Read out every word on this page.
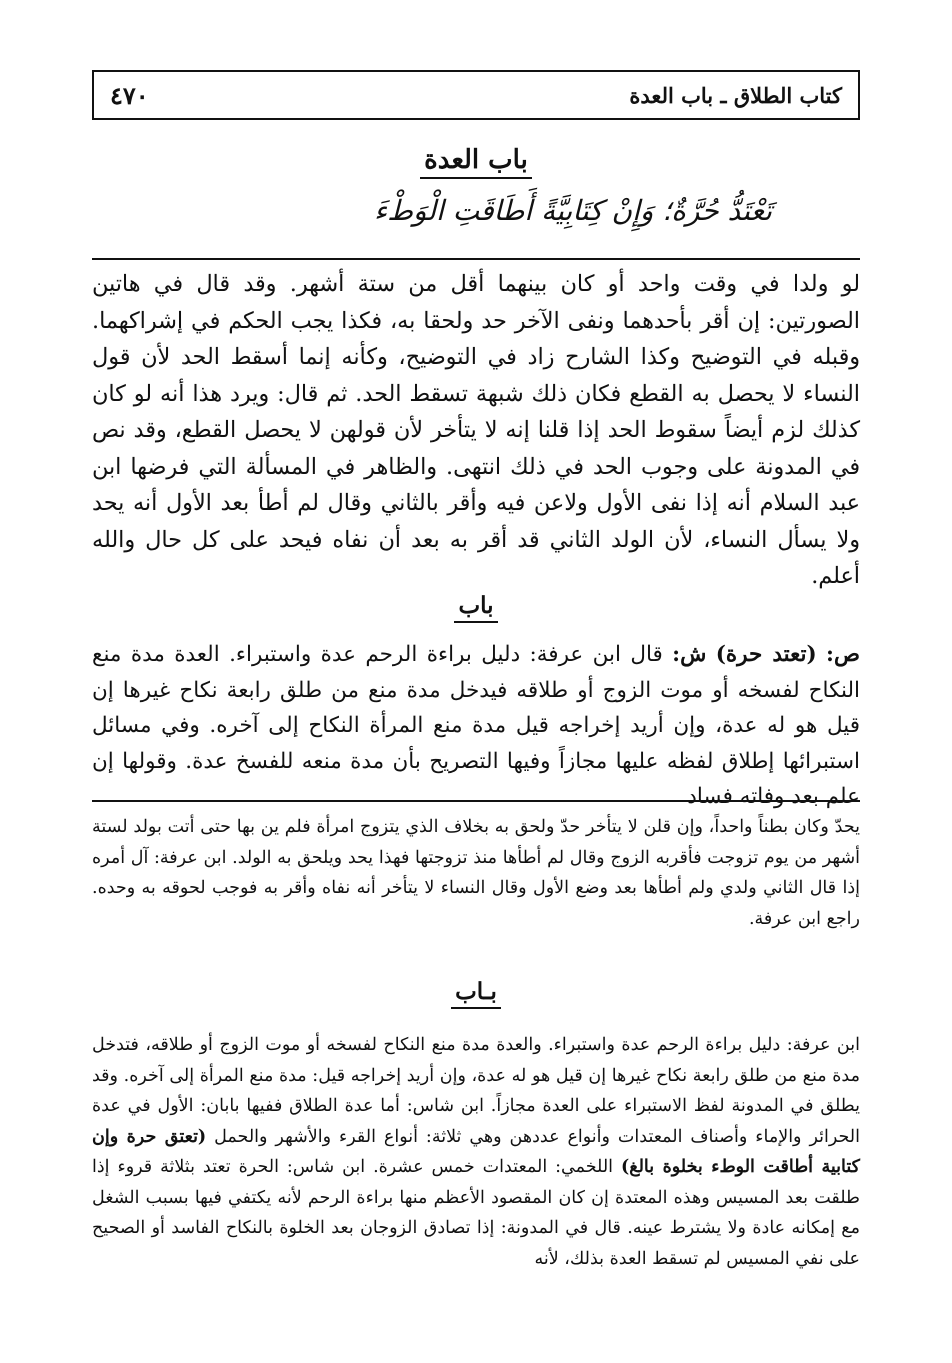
كتاب الطلاق ـ باب العدة
٤٧٠
باب العدة
تَعْتَدُّ حُرَّةٌ؛ وَإِنْ كِتَابِيَّةً أَطَاقَتِ الْوَطْءَ

لو ولدا في وقت واحد أو كان بينهما أقل من ستة أشهر. وقد قال في هاتين الصورتين: إن أقر بأحدهما ونفى الآخر حد ولحقا به، فكذا يجب الحكم في إشراكهما. وقبله في التوضيح وكذا الشارح زاد في التوضيح، وكأنه إنما أسقط الحد لأن قول النساء لا يحصل به القطع فكان ذلك شبهة تسقط الحد. ثم قال: ويرد هذا أنه لو كان كذلك لزم أيضاً سقوط الحد إذا قلنا إنه لا يتأخر لأن قولهن لا يحصل القطع، وقد نص في المدونة على وجوب الحد في ذلك انتهى. والظاهر في المسألة التي فرضها ابن عبد السلام أنه إذا نفى الأول ولاعن فيه وأقر بالثاني وقال لم أطأ بعد الأول أنه يحد ولا يسأل النساء، لأن الولد الثاني قد أقر به بعد أن نفاه فيحد على كل حال والله أعلم.

باب

ص: (تعتد حرة) ش: قال ابن عرفة: دليل براءة الرحم عدة واستبراء. العدة مدة منع النكاح لفسخه أو موت الزوج أو طلاقه فيدخل مدة منع من طلق رابعة نكاح غيرها إن قيل هو له عدة، وإن أريد إخراجه قيل مدة منع المرأة النكاح إلى آخره. وفي مسائل استبرائها إطلاق لفظه عليها مجازاً وفيها التصريح بأن مدة منعه للفسخ عدة. وقولها إن علم بعد وفاته فساد

يحدّ وكان بطناً واحداً، وإن قلن لا يتأخر حدّ ولحق به بخلاف الذي يتزوج امرأة فلم ين بها حتى أتت بولد لستة أشهر من يوم تزوجت فأقربه الزوج وقال لم أطأها منذ تزوجتها فهذا يحد ويلحق به الولد. ابن عرفة: آل أمره إذا قال الثاني ولدي ولم أطأها بعد وضع الأول وقال النساء لا يتأخر أنه نفاه وأقر به فوجب لحوقه به وحده. راجع ابن عرفة.

بـاب

ابن عرفة: دليل براءة الرحم عدة واستبراء. والعدة مدة منع النكاح لفسخه أو موت الزوج أو طلاقه، فتدخل مدة منع من طلق رابعة نكاح غيرها إن قيل هو له عدة، وإن أريد إخراجه قيل: مدة منع المرأة إلى آخره. وقد يطلق في المدونة لفظ الاستبراء على العدة مجازاً. ابن شاس: أما عدة الطلاق ففيها بابان: الأول في عدة الحرائر والإماء وأصناف المعتدات وأنواع عددهن وهي ثلاثة: أنواع القرء والأشهر والحمل (تعتق حرة وإن كتابية أطاقت الوطء بخلوة بالغ) اللخمي: المعتدات خمس عشرة. ابن شاس: الحرة تعتد بثلاثة قروء إذا طلقت بعد المسيس وهذه المعتدة إن كان المقصود الأعظم منها براءة الرحم لأنه يكتفي فيها بسبب الشغل مع إمكانه عادة ولا يشترط عينه. قال في المدونة: إذا تصادق الزوجان بعد الخلوة بالنكاح الفاسد أو الصحيح على نفي المسيس لم تسقط العدة بذلك، لأنه
